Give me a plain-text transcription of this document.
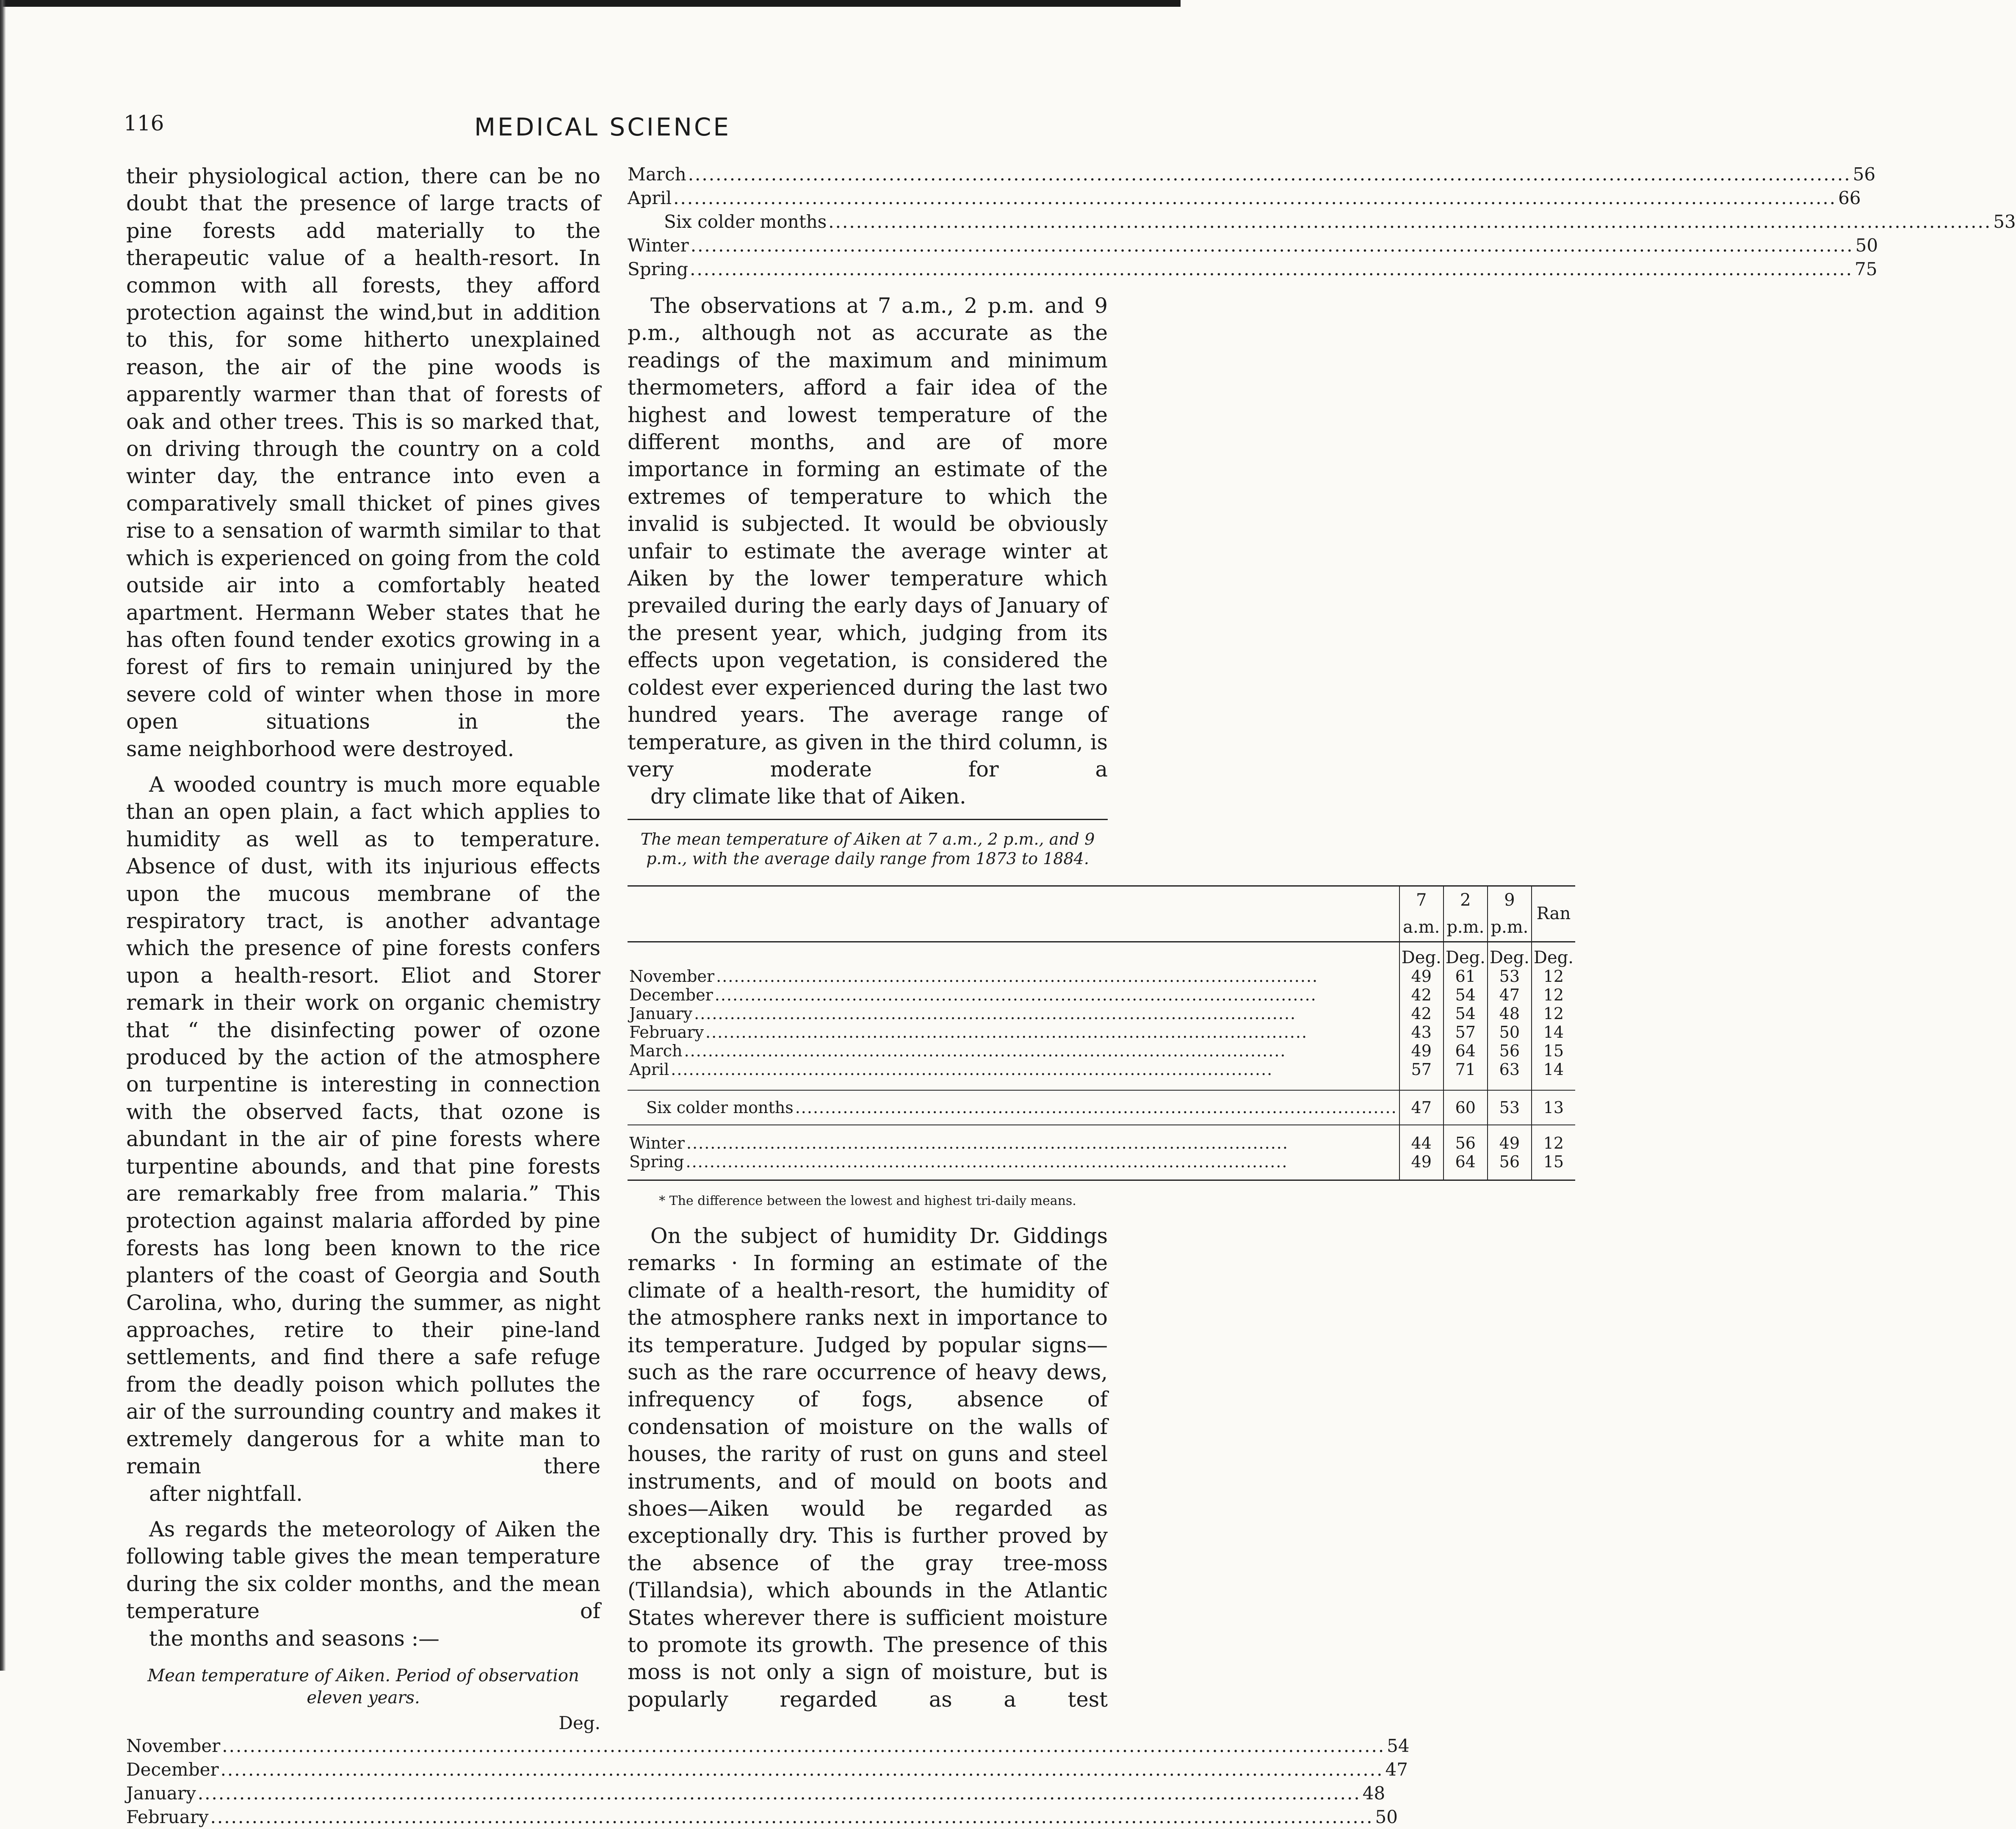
116	MEDICAL SCIENCE

their physiological action, there can be no doubt that the presence of large tracts of pine forests add materially to the therapeutic value of a health-resort. In common with all forests, they afford protection against the wind,but in addition to this, for some hitherto unexplained reason, the air of the pine woods is apparently warmer than that of forests of oak and other trees. This is so marked that, on driving through the country on a cold winter day, the entrance into even a comparatively small thicket of pines gives rise to a sensation of warmth similar to that which is experienced on going from the cold outside air into a comfortably heated apartment. Hermann Weber states that he has often found tender exotics growing in a forest of firs to remain uninjured by the severe cold of winter when those in more open situations in the
same neighborhood were destroyed.

A wooded country is much more equable than an open plain, a fact which applies to humidity as well as to temperature. Absence of dust, with its injurious effects upon the mucous membrane of the respiratory tract, is another advantage which the presence of pine forests confers upon a health-resort. Eliot and Storer remark in their work on organic chemistry that “ the disinfecting power of ozone produced by the action of the atmosphere on turpentine is interesting in connection with the observed facts, that ozone is abundant in the air of pine forests where turpentine abounds, and that pine forests are remarkably free from malaria.” This protection against malaria afforded by pine forests has long been known to the rice planters of the coast of Georgia and South Carolina, who, during the summer, as night approaches, retire to their pine-land settlements, and find there a safe refuge from the deadly poison which pollutes the air of the surrounding country and makes it extremely dangerous for a white man to remain there
after nightfall.

As regards the meteorology of Aiken the following table gives the mean temperature during the six colder months, and the mean temperature of
the months and seasons :—

Mean temperature of Aiken. Period of observation eleven years.
Deg.
November .....	54
December .....	47
January .....	48
February .....	50
March .....	56
April .....	66
Six colder months .....	53
Winter .....	50
Spring .....	75

The observations at 7 a.m., 2 p.m. and 9 p.m., although not as accurate as the readings of the maximum and minimum thermometers, afford a fair idea of the highest and lowest temperature of the different months, and are of more importance in forming an estimate of the extremes of temperature to which the invalid is subjected. It would be obviously unfair to estimate the average winter at Aiken by the lower temperature which prevailed during the early days of January of the present year, which, judging from its effects upon vegetation, is considered the coldest ever experienced during the last two hundred years. The average range of temperature, as given in the third column, is very moderate for a
dry climate like that of Aiken.

The mean temperature of Aiken at 7 a.m., 2 p.m., and 9 p.m., with the average daily range from 1873 to 1884.
	7 a.m.	2 p.m.	9 p.m.	Ran
	Deg.	Deg.	Deg.	Deg.

November
.....	49	61	53	12

December
.....	42	54	47	12

January
.....	42	54	48	12

February
.....	43	57	50	14

March
.....	49	64	56	15

April
.....	57	71	63	14

Six colder months
.....	47	60	53	13

Winter
.....	44	56	49	12

Spring
.....	49	64	56	15
* The difference between the lowest and highest tri-daily means.

On the subject of humidity Dr. Giddings remarks · In forming an estimate of the climate of a health-resort, the humidity of the atmosphere ranks next in importance to its temperature. Judged by popular signs—such as the rare occurrence of heavy dews, infrequency of fogs, absence of condensation of moisture on the walls of houses, the rarity of rust on guns and steel instruments, and of mould on boots and shoes—Aiken would be regarded as exceptionally dry. This is further proved by the absence of the gray tree-moss (Tillandsia), which abounds in the Atlantic States wherever there is sufficient moisture to promote its growth. The presence of this moss is not only a sign of moisture, but is popularly regarded as a test
